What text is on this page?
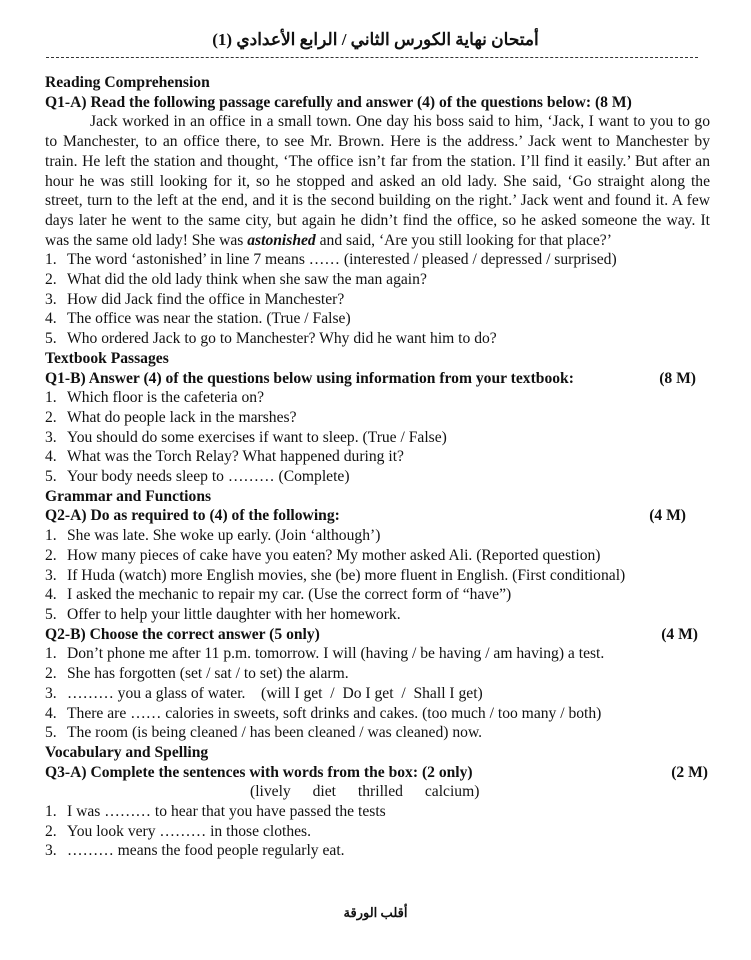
أمتحان نهاية الكورس الثاني / الرابع الأعدادي (1)
Reading Comprehension
Q1-A) Read the following passage carefully and answer (4) of the questions below: (8 M)

Jack worked in an office in a small town. One day his boss said to him, ‘Jack, I want to you to go to Manchester, to an office there, to see Mr. Brown. Here is the address.’ Jack went to Manchester by train. He left the station and thought, ‘The office isn’t far from the station. I’ll find it easily.’ But after an hour he was still looking for it, so he stopped and asked an old lady. She said, ‘Go straight along the street, turn to the left at the end, and it is the second building on the right.’ Jack went and found it. A few days later he went to the same city, but again he didn’t find the office, so he asked someone the way. It was the same old lady! She was astonished and said, ‘Are you still looking for that place?’

1. The word ‘astonished’ in line 7 means …… (interested / pleased / depressed / surprised)
2. What did the old lady think when she saw the man again?
3. How did Jack find the office in Manchester?
4. The office was near the station. (True / False)
5. Who ordered Jack to go to Manchester? Why did he want him to do?
Textbook Passages
Q1-B) Answer (4) of the questions below using information from your textbook:	(8 M)
1. Which floor is the cafeteria on?
2. What do people lack in the marshes?
3. You should do some exercises if want to sleep. (True / False)
4. What was the Torch Relay? What happened during it?
5. Your body needs sleep to ……… (Complete)
Grammar and Functions
Q2-A) Do as required to (4) of the following:	(4 M)
1. She was late. She woke up early. (Join ‘although’)
2. How many pieces of cake have you eaten? My mother asked Ali. (Reported question)
3. If Huda (watch) more English movies, she (be) more fluent in English. (First conditional)
4. I asked the mechanic to repair my car. (Use the correct form of “have”)
5. Offer to help your little daughter with her homework.
Q2-B) Choose the correct answer (5 only)	(4 M)
1. Don’t phone me after 11 p.m. tomorrow. I will (having / be having / am having) a test.
2. She has forgotten (set / sat / to set) the alarm.
3. ……… you a glass of water.    (will I get  /  Do I get  /  Shall I get)
4. There are …… calories in sweets, soft drinks and cakes. (too much / too many / both)
5. The room (is being cleaned / has been cleaned / was cleaned) now.
Vocabulary and Spelling
Q3-A) Complete the sentences with words from the box: (2 only)	(2 M)
(lively diet thrilled calcium)
1. I was ……… to hear that you have passed the tests
2. You look very ……… in those clothes.
3. ……… means the food people regularly eat.
أقلب الورقة
